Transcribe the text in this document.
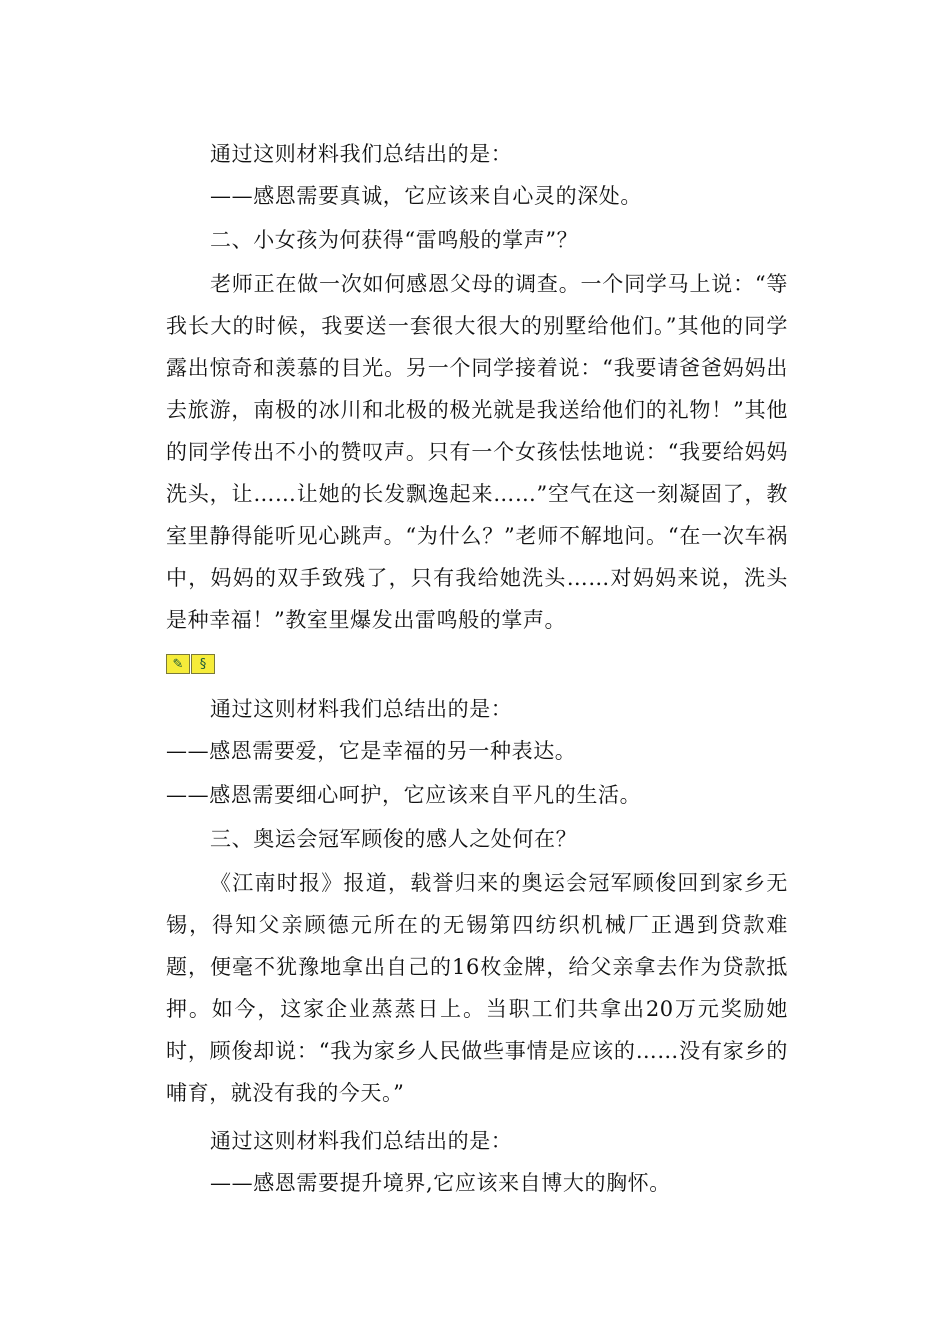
通过这则材料我们总结出的是：
——感恩需要真诚，它应该来自心灵的深处。
二、小女孩为何获得“雷鸣般的掌声”？
老师正在做一次如何感恩父母的调查。一个同学马上说：“等我长大的时候，我要送一套很大很大的别墅给他们。”其他的同学露出惊奇和羡慕的目光。另一个同学接着说：“我要请爸爸妈妈出去旅游，南极的冰川和北极的极光就是我送给他们的礼物！”其他的同学传出不小的赞叹声。只有一个女孩怯怯地说：“我要给妈妈洗头，让……让她的长发飘逸起来……”空气在这一刻凝固了，教室里静得能听见心跳声。“为什么？”老师不解地问。“在一次车祸中，妈妈的双手致残了，只有我给她洗头……对妈妈来说，洗头是种幸福！”教室里爆发出雷鸣般的掌声。
✎	§
通过这则材料我们总结出的是：
——感恩需要爱，它是幸福的另一种表达。
——感恩需要细心呵护，它应该来自平凡的生活。
三、奥运会冠军顾俊的感人之处何在？
《江南时报》报道，载誉归来的奥运会冠军顾俊回到家乡无锡，得知父亲顾德元所在的无锡第四纺织机械厂正遇到贷款难题，便毫不犹豫地拿出自己的16枚金牌，给父亲拿去作为贷款抵押。如今，这家企业蒸蒸日上。当职工们共拿出20万元奖励她时，顾俊却说：“我为家乡人民做些事情是应该的……没有家乡的哺育，就没有我的今天。”
通过这则材料我们总结出的是：
——感恩需要提升境界,它应该来自博大的胸怀。
